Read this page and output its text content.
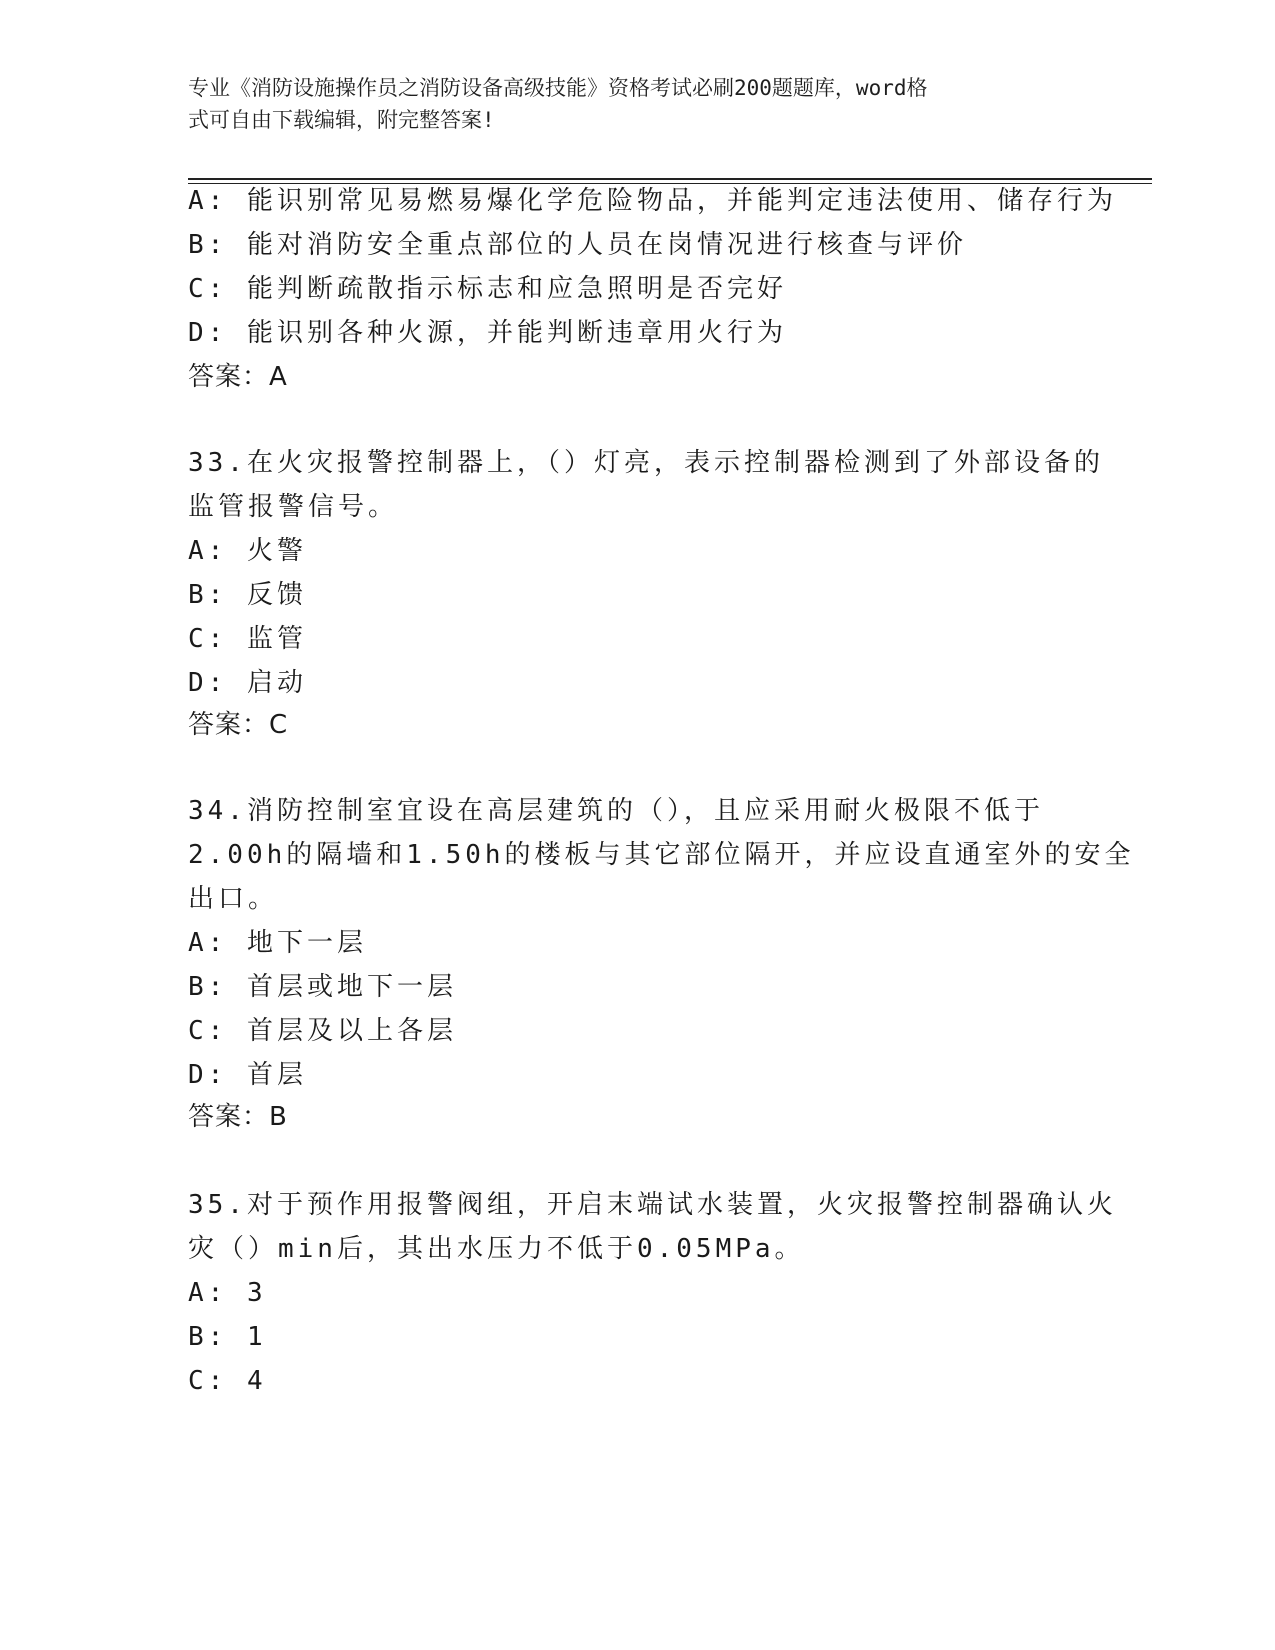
专业《消防设施操作员之消防设备高级技能》资格考试必刷200题题库，word格
式可自由下载编辑，附完整答案!
A: 能识别常见易燃易爆化学危险物品，并能判定违法使用、储存行为
B: 能对消防安全重点部位的人员在岗情况进行核查与评价
C: 能判断疏散指示标志和应急照明是否完好
D: 能识别各种火源，并能判断违章用火行为
答案：A
33.在火灾报警控制器上，（）灯亮，表示控制器检测到了外部设备的
监管报警信号。
A: 火警
B: 反馈
C: 监管
D: 启动
答案：C
34.消防控制室宜设在高层建筑的（），且应采用耐火极限不低于
2.00h的隔墙和1.50h的楼板与其它部位隔开，并应设直通室外的安全
出口。
A: 地下一层
B: 首层或地下一层
C: 首层及以上各层
D: 首层
答案：B
35.对于预作用报警阀组，开启末端试水装置，火灾报警控制器确认火
灾（）min后，其出水压力不低于0.05MPa。
A: 3
B: 1
C: 4
